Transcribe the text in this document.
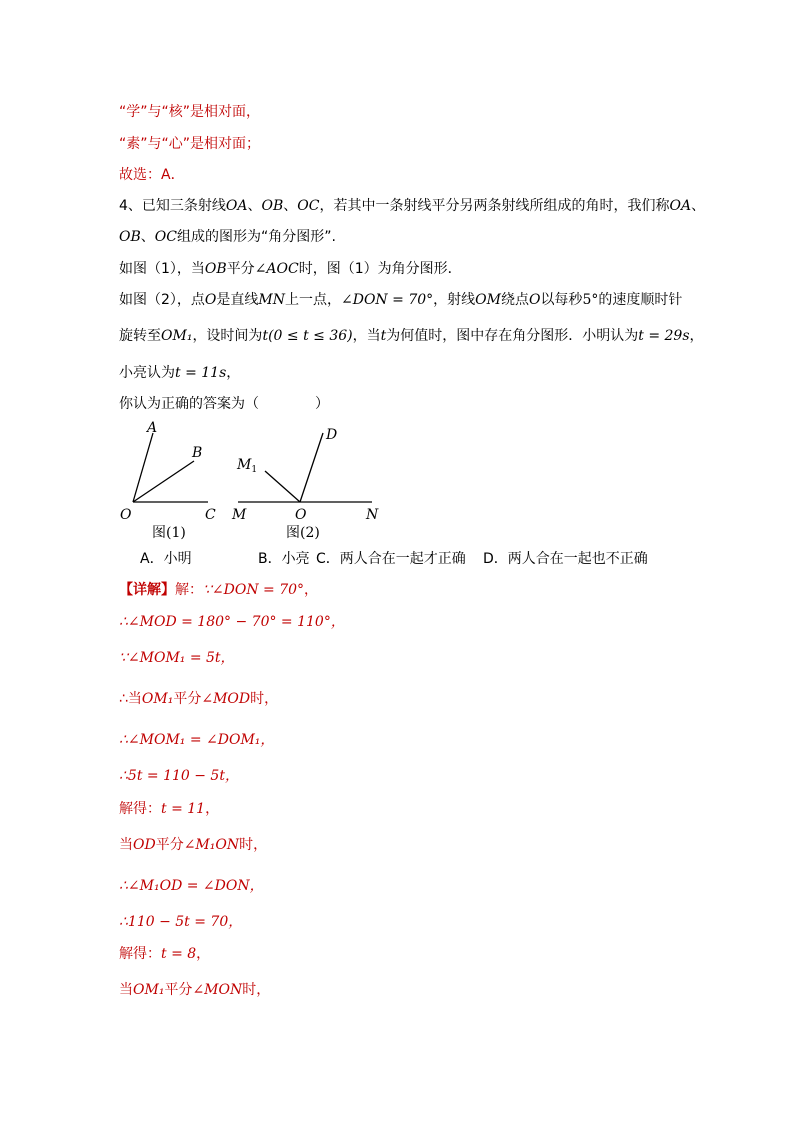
“学”与“核”是相对面，
“素”与“心”是相对面；
故选：A．
4、已知三条射线OA、OB、OC，若其中一条射线平分另两条射线所组成的角时，我们称OA、
OB、OC组成的图形为“角分图形”.
如图（1），当OB平分∠AOC时，图（1）为角分图形．
如图（2），点O是直线MN上一点，∠DON = 70°，射线OM绕点O以每秒5°的速度顺时针
旋转至OM₁，设时间为t(0 ≤ t ≤ 36)，当t为何值时，图中存在角分图形．小明认为t = 29s，
小亮认为t = 11s，
你认为正确的答案为（　　　　）
A
B
O	C
图(1)
D
$M_1$
M	O	N
图(2)
A．小明	B．小亮 C．两人合在一起才正确 D．两人合在一起也不正确
【详解】解：∵∠DON = 70°，
∴∠MOD = 180° − 70° = 110°，
∵∠MOM₁ = 5t，
∴当OM₁平分∠MOD时，
∴∠MOM₁ = ∠DOM₁，
∴5t = 110 − 5t，
解得：t = 11，
当OD平分∠M₁ON时，
∴∠M₁OD = ∠DON，
∴110 − 5t = 70，
解得：t = 8，
当OM₁平分∠MON时，
